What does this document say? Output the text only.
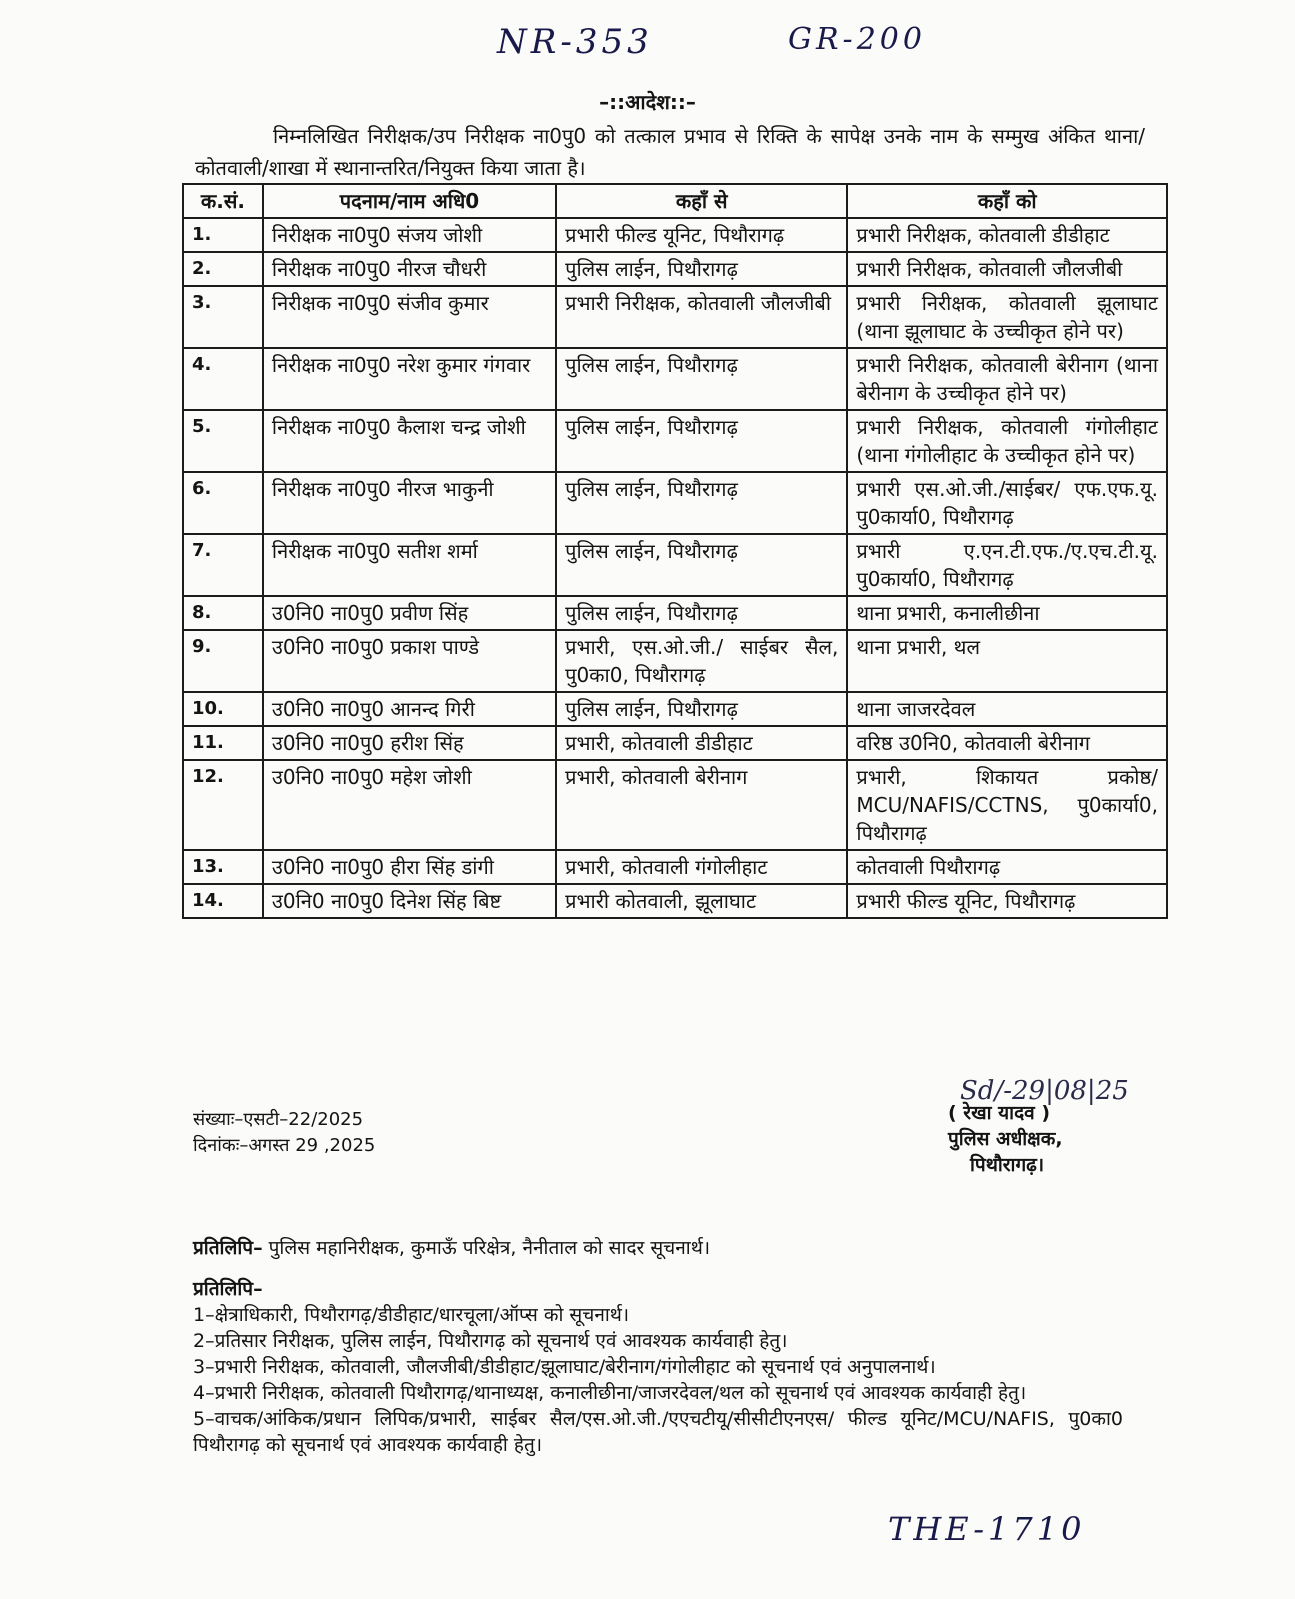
NR-353	GR-200
–::आदेश::–
निम्नलिखित निरीक्षक/उप निरीक्षक ना0पु0 को तत्काल प्रभाव से रिक्ति के सापेक्ष उनके नाम के सम्मुख अंकित थाना/कोतवाली/शाखा में स्थानान्तरित/नियुक्त किया जाता है।
क.सं.	पदनाम/नाम अधि0	कहाँ से	कहाँ को
1.	निरीक्षक ना0पु0 संजय जोशी	प्रभारी फील्ड यूनिट, पिथौरागढ़	प्रभारी निरीक्षक, कोतवाली डीडीहाट
2.	निरीक्षक ना0पु0 नीरज चौधरी	पुलिस लाईन, पिथौरागढ़	प्रभारी निरीक्षक, कोतवाली जौलजीबी
3.	निरीक्षक ना0पु0 संजीव कुमार	प्रभारी निरीक्षक, कोतवाली जौलजीबी	प्रभारी निरीक्षक, कोतवाली झूलाघाट (थाना झूलाघाट के उच्चीकृत होने पर)
4.	निरीक्षक ना0पु0 नरेश कुमार गंगवार	पुलिस लाईन, पिथौरागढ़	प्रभारी निरीक्षक, कोतवाली बेरीनाग (थाना बेरीनाग के उच्चीकृत होने पर)
5.	निरीक्षक ना0पु0 कैलाश चन्द्र जोशी	पुलिस लाईन, पिथौरागढ़	प्रभारी निरीक्षक, कोतवाली गंगोलीहाट (थाना गंगोलीहाट के उच्चीकृत होने पर)
6.	निरीक्षक ना0पु0 नीरज भाकुनी	पुलिस लाईन, पिथौरागढ़	प्रभारी एस.ओ.जी./साईबर/ एफ.एफ.यू. पु0कार्या0, पिथौरागढ़
7.	निरीक्षक ना0पु0 सतीश शर्मा	पुलिस लाईन, पिथौरागढ़	प्रभारी ए.एन.टी.एफ./ए.एच.टी.यू. पु0कार्या0, पिथौरागढ़
8.	उ0नि0 ना0पु0 प्रवीण सिंह	पुलिस लाईन, पिथौरागढ़	थाना प्रभारी, कनालीछीना
9.	उ0नि0 ना0पु0 प्रकाश पाण्डे	प्रभारी, एस.ओ.जी./ साईबर सैल, पु0का0, पिथौरागढ़	थाना प्रभारी, थल
10.	उ0नि0 ना0पु0 आनन्द गिरी	पुलिस लाईन, पिथौरागढ़	थाना जाजरदेवल
11.	उ0नि0 ना0पु0 हरीश सिंह	प्रभारी, कोतवाली डीडीहाट	वरिष्ठ उ0नि0, कोतवाली बेरीनाग
12.	उ0नि0 ना0पु0 महेश जोशी	प्रभारी, कोतवाली बेरीनाग	प्रभारी, शिकायत प्रकोष्ठ/ MCU/NAFIS/CCTNS, पु0कार्या0, पिथौरागढ़
13.	उ0नि0 ना0पु0 हीरा सिंह डांगी	प्रभारी, कोतवाली गंगोलीहाट	कोतवाली पिथौरागढ़
14.	उ0नि0 ना0पु0 दिनेश सिंह बिष्ट	प्रभारी कोतवाली, झूलाघाट	प्रभारी फील्ड यूनिट, पिथौरागढ़
संख्याः–एसटी–22/2025
दिनांकः–अगस्त 29 ,2025
Sd/-29|08|25
( रेखा यादव )
पुलिस अधीक्षक,
पिथौरागढ़।
प्रतिलिपि– पुलिस महानिरीक्षक, कुमाऊँ परिक्षेत्र, नैनीताल को सादर सूचनार्थ।
प्रतिलिपि–
1–क्षेत्राधिकारी, पिथौरागढ़/डीडीहाट/धारचूला/ऑप्स को सूचनार्थ।
2–प्रतिसार निरीक्षक, पुलिस लाईन, पिथौरागढ़ को सूचनार्थ एवं आवश्यक कार्यवाही हेतु।
3–प्रभारी निरीक्षक, कोतवाली, जौलजीबी/डीडीहाट/झूलाघाट/बेरीनाग/गंगोलीहाट को सूचनार्थ एवं अनुपालनार्थ।
4–प्रभारी निरीक्षक, कोतवाली पिथौरागढ़/थानाध्यक्ष, कनालीछीना/जाजरदेवल/थल को सूचनार्थ एवं आवश्यक कार्यवाही हेतु।
5–वाचक/आंकिक/प्रधान लिपिक/प्रभारी, साईबर सैल/एस.ओ.जी./एएचटीयू/सीसीटीएनएस/ फील्ड यूनिट/MCU/NAFIS, पु0का0 पिथौरागढ़ को सूचनार्थ एवं आवश्यक कार्यवाही हेतु।
THE-1710
